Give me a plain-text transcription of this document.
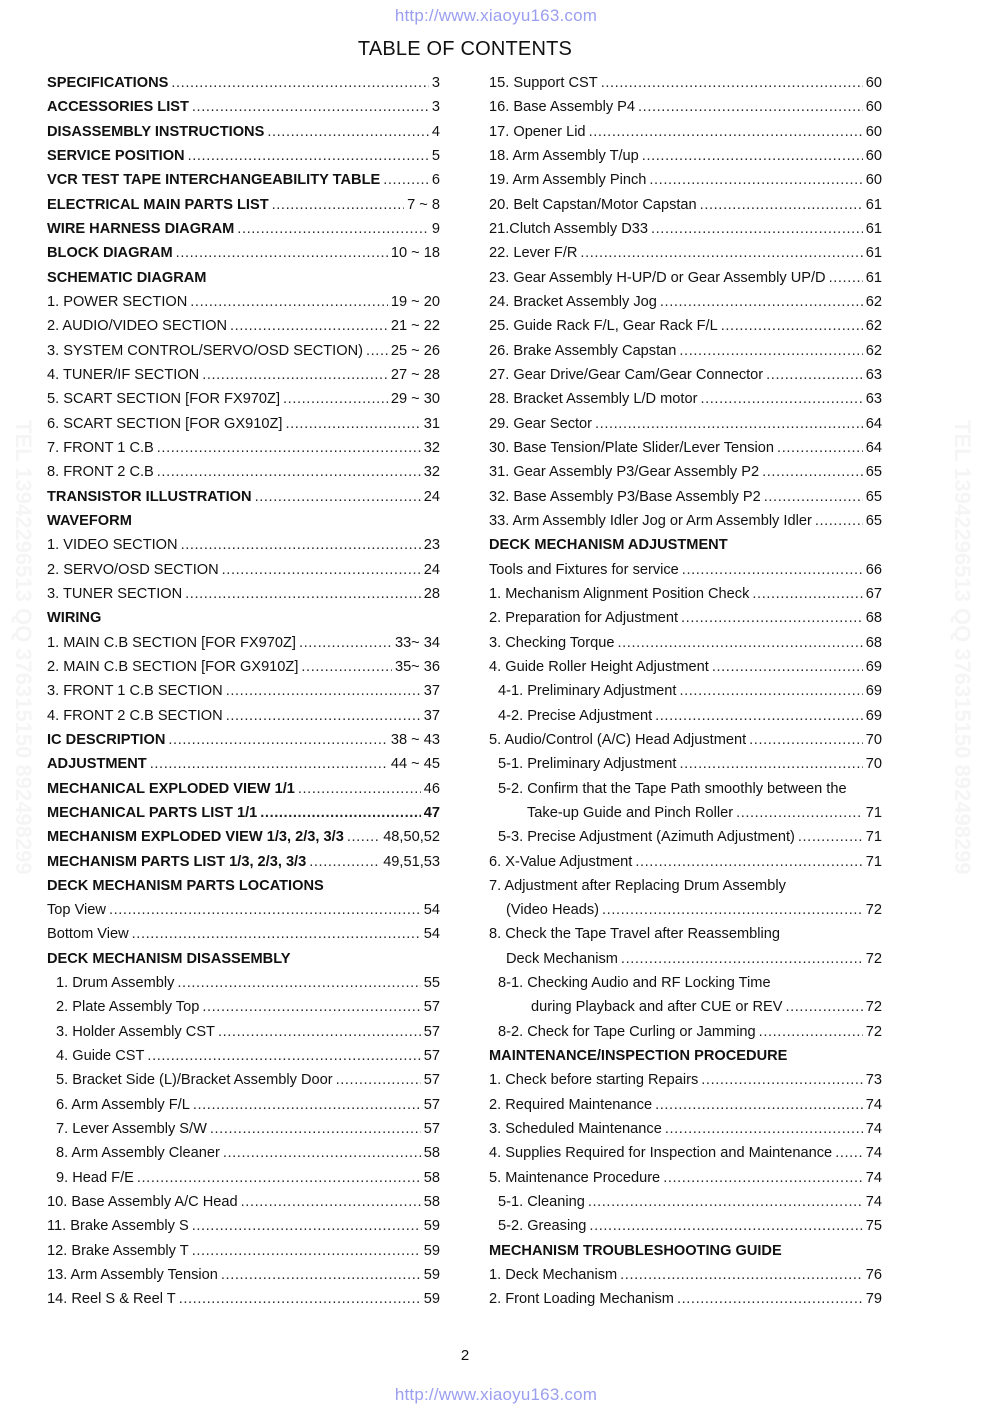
http://www.xiaoyu163.com
TABLE OF CONTENTS
TEL 13942296513 QQ 376315150 892498299	TEL 13942296513 QQ 376315150 892498299
SPECIFICATIONS .....	3
ACCESSORIES LIST .....	3
DISASSEMBLY INSTRUCTIONS .....	4
SERVICE POSITION .....	5
VCR TEST TAPE INTERCHANGEABILITY TABLE .....	6
ELECTRICAL MAIN PARTS LIST .....	7 ~ 8
WIRE HARNESS DIAGRAM .....	9
BLOCK DIAGRAM .....	10 ~ 18
SCHEMATIC DIAGRAM
1. POWER SECTION .....	19 ~ 20
2. AUDIO/VIDEO SECTION .....	21 ~ 22
3. SYSTEM CONTROL/SERVO/OSD SECTION) ..... 25 ~ 26
4. TUNER/IF SECTION .....	27 ~ 28
5. SCART SECTION [FOR FX970Z] .....	29 ~ 30
6. SCART SECTION [FOR GX910Z] .....	31
7. FRONT 1 C.B .....	32
8. FRONT 2 C.B .....	32
TRANSISTOR ILLUSTRATION .....	24
WAVEFORM
1. VIDEO SECTION .....	23
2. SERVO/OSD SECTION .....	24
3. TUNER SECTION .....	28
WIRING
1. MAIN C.B SECTION [FOR FX970Z] .....	33~ 34
2. MAIN C.B SECTION [FOR GX910Z] .....	35~ 36
3. FRONT 1 C.B SECTION .....	37
4. FRONT 2 C.B SECTION .....	37
IC DESCRIPTION .....	38 ~ 43
ADJUSTMENT .....	44 ~ 45
MECHANICAL EXPLODED VIEW 1/1 .....	46
MECHANICAL PARTS LIST 1/1 .....	47
MECHANISM EXPLODED VIEW 1/3, 2/3, 3/3 .....	48,50,52
MECHANISM PARTS LIST 1/3, 2/3, 3/3 .....	49,51,53
DECK MECHANISM PARTS LOCATIONS
Top View .....	54
Bottom View .....	54
DECK MECHANISM DISASSEMBLY
1. Drum Assembly .....	55
2. Plate Assembly Top .....	57
3. Holder Assembly CST .....	57
4. Guide CST .....	57
5. Bracket Side (L)/Bracket Assembly Door .....	57
6. Arm Assembly F/L .....	57
7. Lever Assembly S/W .....	57
8. Arm Assembly Cleaner .....	58
9. Head F/E .....	58
10. Base Assembly A/C Head .....	58
11. Brake Assembly S .....	59
12. Brake Assembly T .....	59
13. Arm Assembly Tension .....	59
14. Reel S & Reel T .....	59
15. Support CST .....	60
16. Base Assembly P4 .....	60
17. Opener Lid .....	60
18. Arm Assembly T/up .....	60
19. Arm Assembly Pinch .....	60
20. Belt Capstan/Motor Capstan .....	61
21.Clutch Assembly D33 .....	61
22. Lever F/R .....	61
23. Gear Assembly H-UP/D or Gear Assembly UP/D .....	61
24. Bracket Assembly Jog .....	62
25. Guide Rack F/L, Gear Rack F/L .....	62
26. Brake Assembly Capstan .....	62
27. Gear Drive/Gear Cam/Gear Connector .....	63
28. Bracket Assembly L/D motor .....	63
29. Gear Sector .....	64
30. Base Tension/Plate Slider/Lever Tension .....	64
31. Gear Assembly P3/Gear Assembly P2 .....	65
32. Base Assembly P3/Base Assembly P2 .....	65
33. Arm Assembly Idler Jog or Arm Assembly Idler .....	65
DECK MECHANISM ADJUSTMENT
Tools and Fixtures for service .....	66
1. Mechanism Alignment Position Check .....	67
2. Preparation for Adjustment .....	68
3. Checking Torque .....	68
4. Guide Roller Height Adjustment .....	69
4-1. Preliminary Adjustment .....	69
4-2. Precise Adjustment .....	69
5. Audio/Control (A/C) Head Adjustment .....	70
5-1. Preliminary Adjustment .....	70
5-2. Confirm that the Tape Path smoothly between the
Take-up Guide and Pinch Roller .....	71
5-3. Precise Adjustment (Azimuth Adjustment) .....	71
6. X-Value Adjustment .....	71
7. Adjustment after Replacing Drum Assembly
(Video Heads) .....	72
8. Check the Tape Travel after Reassembling
Deck Mechanism .....	72
8-1. Checking Audio and RF Locking Time
during Playback and after CUE or REV .....	72
8-2. Check for Tape Curling or Jamming .....	72
MAINTENANCE/INSPECTION PROCEDURE
1. Check before starting Repairs .....	73
2. Required Maintenance .....	74
3. Scheduled Maintenance .....	74
4. Supplies Required for Inspection and Maintenance ..... 74
5. Maintenance Procedure .....	74
5-1. Cleaning .....	74
5-2. Greasing .....	75
MECHANISM TROUBLESHOOTING GUIDE
1. Deck Mechanism .....	76
2. Front Loading Mechanism .....	79
2
http://www.xiaoyu163.com
